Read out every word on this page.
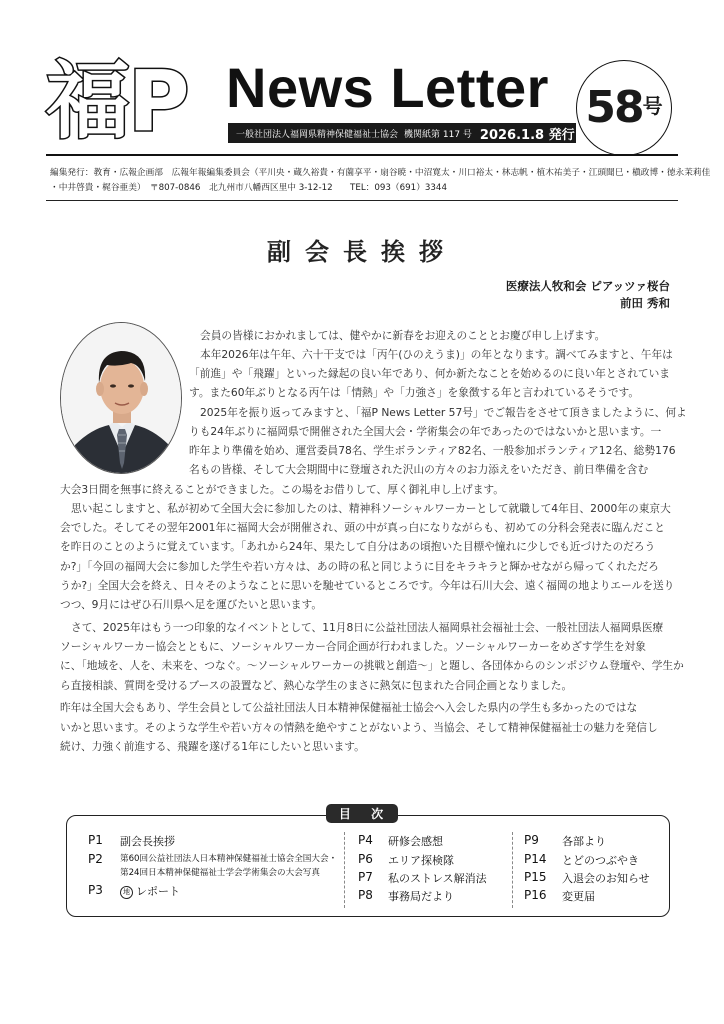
福P News Letter
一般社団法人福岡県精神保健福祉士協会 機関紙第 117 号 2026.1.8 発行
58 号
編集発行：教育・広報企画部　広報年報編集委員会（平川央・蔵久裕貴・有薗享平・扇谷暁・中沼寛太・川口裕太・林志帆・植木祐美子・江頭聞巳・槇政博・徳永茉莉佳
・中井啓貴・梶谷亜美）　〒807-0846　北九州市八幡西区里中 3-12-12　　TEL：093（691）3344
副会長挨拶
医療法人牧和会 ピアッツァ桜台
前田 秀和

会員の皆様におかれましては、健やかに新春をお迎えのこととお慶び申し上げます。

本年2026年は午年、六十干支では「丙午(ひのえうま)」の年となります。調べてみますと、午年は

「前進」や「飛躍」といった縁起の良い年であり、何か新たなことを始めるのに良い年とされていま

す。また60年ぶりとなる丙午は「情熱」や「力強さ」を象徴する年と言われているそうです。

2025年を振り返ってみますと、「福P News Letter 57号」でご報告をさせて頂きましたように、何よ

りも24年ぶりに福岡県で開催された全国大会・学術集会の年であったのではないかと思います。一

昨年より準備を始め、運営委員78名、学生ボランティア82名、一般参加ボランティア12名、総勢176

名もの皆様、そして大会期間中に登壇された沢山の方々のお力添えをいただき、前日準備を含む

大会3日間を無事に終えることができました。この場をお借りして、厚く御礼申し上げます。

思い起こしますと、私が初めて全国大会に参加したのは、精神科ソーシャルワーカーとして就職して4年目、2000年の東京大

会でした。そしてその翌年2001年に福岡大会が開催され、頭の中が真っ白になりながらも、初めての分科会発表に臨んだこと

を昨日のことのように覚えています。「あれから24年、果たして自分はあの頃抱いた目標や憧れに少しでも近づけたのだろう

か?」「今回の福岡大会に参加した学生や若い方々は、あの時の私と同じように目をキラキラと輝かせながら帰ってくれただろ

うか?」全国大会を終え、日々そのようなことに思いを馳せているところです。今年は石川大会、遠く福岡の地よりエールを送り

つつ、9月にはぜひ石川県へ足を運びたいと思います。

さて、2025年はもう一つ印象的なイベントとして、11月8日に公益社団法人福岡県社会福祉士会、一般社団法人福岡県医療

ソーシャルワーカー協会とともに、ソーシャルワーカー合同企画が行われました。ソーシャルワーカーをめざす学生を対象

に、「地域を、人を、未来を、つなぐ。～ソーシャルワーカーの挑戦と創造～」と題し、各団体からのシンポジウム登壇や、学生か

ら直接相談、質問を受けるブースの設置など、熱心な学生のまさに熱気に包まれた合同企画となりました。

昨年は全国大会もあり、学生会員として公益社団法人日本精神保健福祉士協会へ入会した県内の学生も多かったのではな

いかと思います。そのような学生や若い方々の情熱を絶やすことがないよう、当協会、そして精神保健福祉士の魅力を発信し

続け、力強く前進する、飛躍を遂げる1年にしたいと思います。

目 次
P1	副会長挨拶
P2	第60回公益社団法人日本精神保健福祉士協会全国大会・
第24回日本精神保健福祉士学会学術集会の大会写真
P3	地 レポート
P4	研修会感想
P6	エリア探検隊
P7	私のストレス解消法
P8	事務局だより
P9	各部より
P14	とどのつぶやき
P15	入退会のお知らせ
P16	変更届
